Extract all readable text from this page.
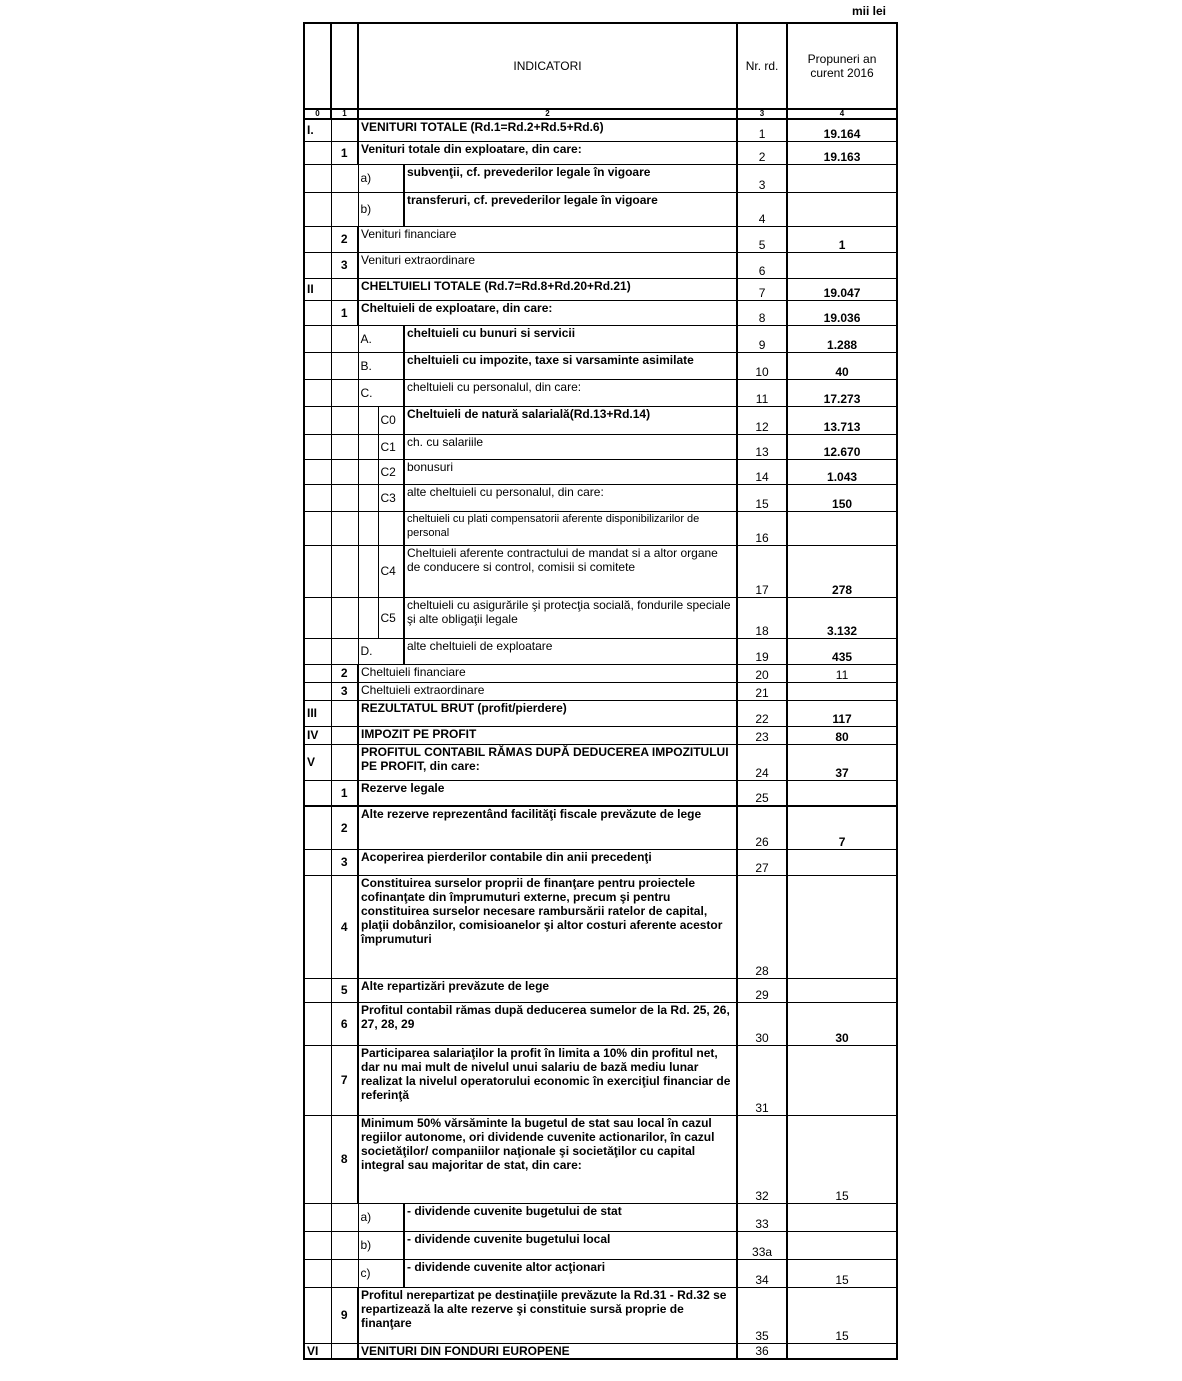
mii lei
		INDICATORI			Nr. rd.	Propuneri an curent 2016
0	1	2			3	4
I.		VENITURI TOTALE (Rd.1=Rd.2+Rd.5+Rd.6)			1	19.164
	1	Venituri totale din exploatare, din care:			2	19.163
		a)		subvenţii, cf. prevederilor legale în vigoare	3	
		b)		transferuri, cf. prevederilor legale în vigoare	4	
	2	Venituri financiare			5	1
	3	Venituri extraordinare			6	
II		CHELTUIELI TOTALE (Rd.7=Rd.8+Rd.20+Rd.21)			7	19.047
	1	Cheltuieli de exploatare, din care:			8	19.036
		A.		cheltuieli cu bunuri si servicii	9	1.288
		B.		cheltuieli cu impozite, taxe si varsaminte asimilate	10	40
		C.		cheltuieli cu personalul, din care:	11	17.273
			C0	Cheltuieli de natură salarială(Rd.13+Rd.14)	12	13.713
			C1	ch. cu salariile	13	12.670
			C2	bonusuri	14	1.043
			C3	alte cheltuieli cu personalul, din care:	15	150
				cheltuieli cu plati compensatorii aferente disponibilizarilor de personal	16	
			C4	Cheltuieli aferente contractului de mandat si a altor organe de conducere si control, comisii si comitete	17	278
			C5	cheltuieli cu asigurările şi protecţia socială, fondurile speciale şi alte obligaţii legale	18	3.132
		D.		alte cheltuieli de exploatare	19	435
	2	Cheltuieli financiare			20	11
	3	Cheltuieli extraordinare			21	
III		REZULTATUL BRUT (profit/pierdere)			22	117
IV		IMPOZIT PE PROFIT			23	80
V		PROFITUL CONTABIL RĂMAS DUPĂ DEDUCEREA IMPOZITULUI PE PROFIT, din care:			24	37
	1	Rezerve legale			25	
	2	Alte rezerve reprezentând facilităţi fiscale prevăzute de lege			26	7
	3	Acoperirea pierderilor contabile din anii precedenţi			27	
	4	Constituirea surselor proprii de finanţare pentru proiectele cofinanţate din împrumuturi externe, precum şi pentru constituirea surselor necesare rambursării ratelor de capital, plaţii dobânzilor, comisioanelor şi altor costuri aferente acestor împrumuturi			28	
	5	Alte repartizări prevăzute de lege			29	
	6	Profitul contabil rămas după deducerea sumelor de la Rd. 25, 26, 27, 28, 29			30	30
	7	Participarea salariaţilor la profit în limita a 10% din profitul net, dar nu mai mult de nivelul unui salariu de bază mediu lunar realizat la nivelul operatorului economic în exerciţiul financiar de referinţă			31	
	8	Minimum 50% vărsăminte la bugetul de stat sau local în cazul regiilor autonome, ori dividende cuvenite actionarilor, în cazul societăţilor/ companiilor naţionale şi societăţilor cu capital integral sau majoritar de stat, din care:			32	15
		a)		- dividende cuvenite bugetului de stat	33	
		b)		- dividende cuvenite bugetului local	33a	
		c)		- dividende cuvenite altor acţionari	34	15
	9	Profitul nerepartizat pe destinaţiile prevăzute la Rd.31 - Rd.32 se repartizează la alte rezerve şi constituie sursă proprie de finanţare			35	15
VI		VENITURI DIN FONDURI EUROPENE			36	
